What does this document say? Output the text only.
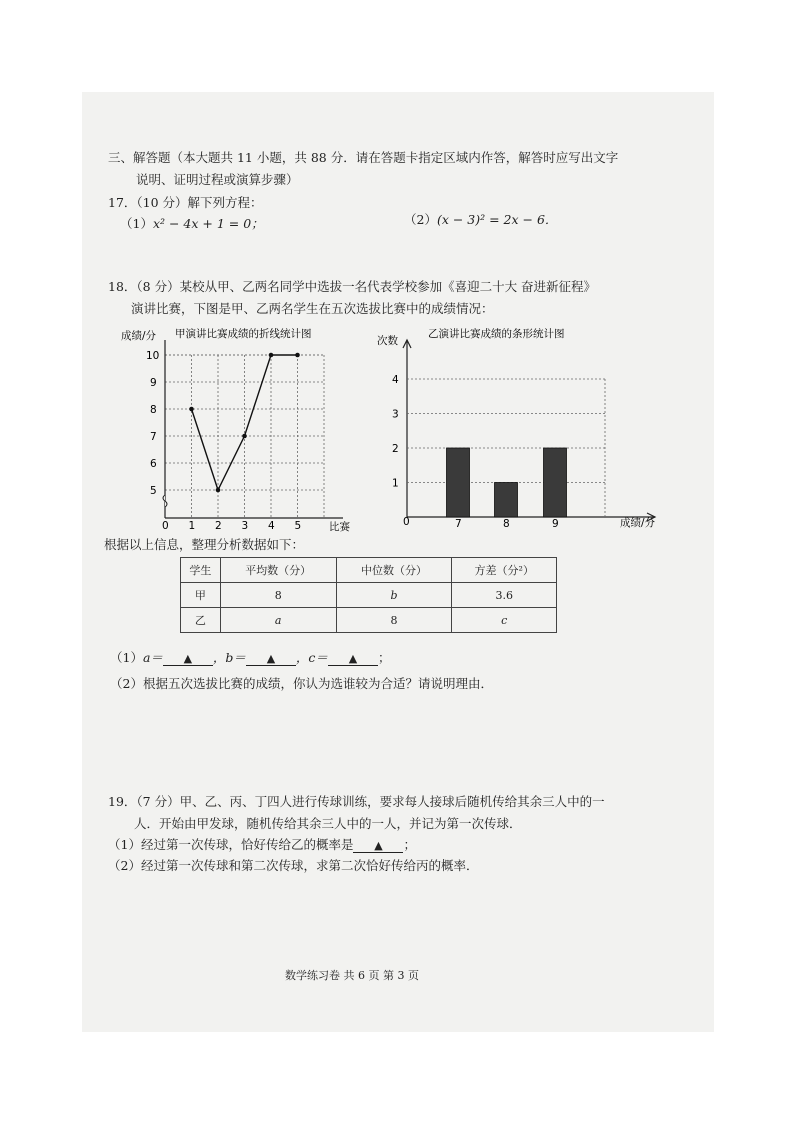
三、解答题（本大题共 11 小题，共 88 分．请在答题卡指定区域内作答，解答时应写出文字
说明、证明过程或演算步骤）
17．（10 分）解下列方程：
（1）x² − 4x + 1 = 0；	（2）(x − 3)² = 2x − 6．
18．（8 分）某校从甲、乙两名同学中选拔一名代表学校参加《喜迎二十大 奋进新征程》
演讲比赛，下图是甲、乙两名学生在五次选拔比赛中的成绩情况：
成绩/分 甲演讲比赛成绩的折线统计图
比赛
0 1 2 3 4 5
5
6
7
8
9
10
次数
乙演讲比赛成绩的条形统计图
成绩/分
0
1
2
3
4
7	8	9
根据以上信息，整理分析数据如下：
学生	平均数（分）	中位数（分）	方差（分²）
甲	8	b	3.6
乙	a	8	c
（1）a＝ ▲ ，b＝ ▲ ，c＝ ▲ ；
（2）根据五次选拔比赛的成绩，你认为选谁较为合适？请说明理由．
19．（7 分）甲、乙、丙、丁四人进行传球训练，要求每人接球后随机传给其余三人中的一
人．开始由甲发球，随机传给其余三人中的一人，并记为第一次传球．
（1）经过第一次传球，恰好传给乙的概率是 ▲ ；
（2）经过第一次传球和第二次传球，求第二次恰好传给丙的概率．
数学练习卷 共 6 页 第 3 页
